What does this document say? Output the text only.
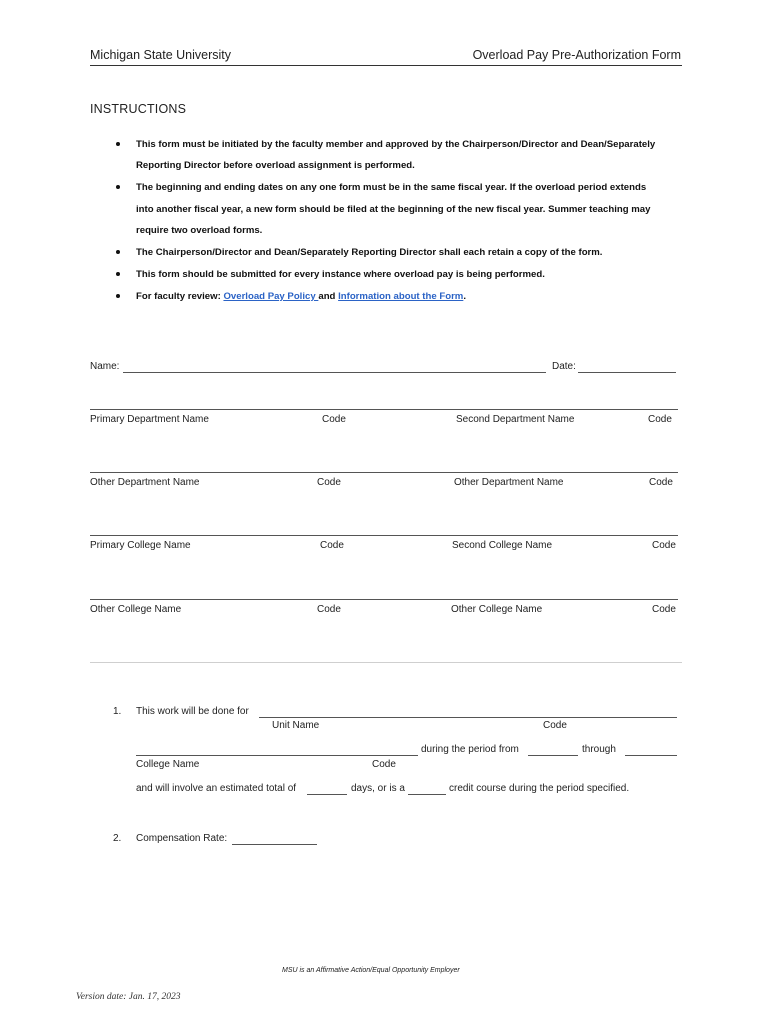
Michigan State University	Overload Pay Pre-Authorization Form
INSTRUCTIONS
This form must be initiated by the faculty member and approved by the Chairperson/Director and Dean/Separately
Reporting Director before overload assignment is performed.
The beginning and ending dates on any one form must be in the same fiscal year. If the overload period extends
into another fiscal year, a new form should be filed at the beginning of the new fiscal year. Summer teaching may
require two overload forms.
The Chairperson/Director and Dean/Separately Reporting Director shall each retain a copy of the form.
This form should be submitted for every instance where overload pay is being performed.
For faculty review: Overload Pay Policy and Information about the Form.
Name:	Date:
Primary Department Name	Code	Second Department Name	Code
Other Department Name	Code	Other Department Name	Code
Primary College Name	Code	Second College Name	Code
Other College Name	Code	Other College Name	Code
1. This work will be done for
Unit Name	Code
during the period from	through
College Name	Code
and will involve an estimated total of	days, or is a	credit course during the period specified.
2. Compensation Rate:
MSU is an Affirmative Action/Equal Opportunity Employer
Version date: Jan. 17, 2023
